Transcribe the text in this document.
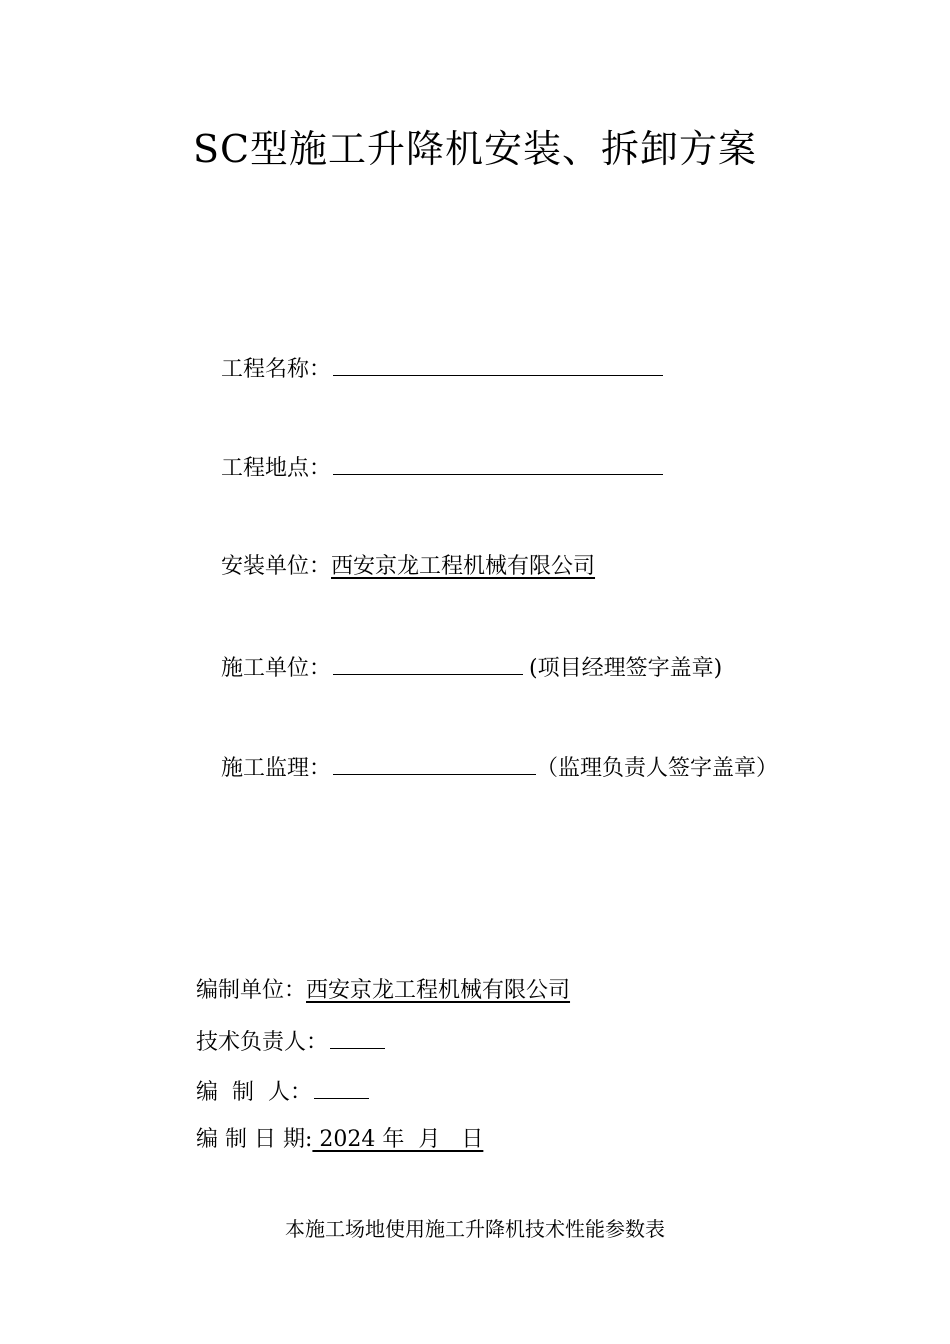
SC型施工升降机安装、拆卸方案
工程名称：
工程地点：
安装单位：西安京龙工程机械有限公司
施工单位：	(项目经理签字盖章)
施工监理：	（监理负责人签字盖章）
编制单位：西安京龙工程机械有限公司
技术负责人：
编  制  人：
编 制 日 期: 2024 年  月   日
本施工场地使用施工升降机技术性能参数表
